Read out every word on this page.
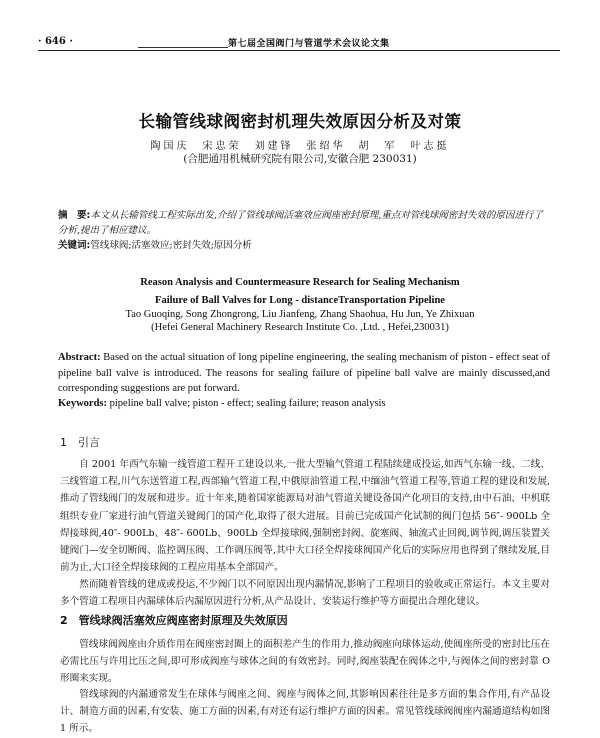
· 646 ·	第七届全国阀门与管道学术会议论文集
长输管线球阀密封机理失效原因分析及对策
陶国庆　宋忠荣　刘建锋　张绍华　胡　军　叶志挺
(合肥通用机械研究院有限公司,安徽合肥 230031)
摘　要:本文从长输管线工程实际出发,介绍了管线球阀活塞效应阀座密封原理,重点对管线球阀密封失效的原因进行了分析,提出了相应建议。
关键词:管线球阀;活塞效应;密封失效;原因分析
Reason Analysis and Countermeasure Research for Sealing Mechanism
Failure of Ball Valves for Long - distanceTransportation Pipeline
Tao Guoqing, Song Zhongrong, Liu Jianfeng, Zhang Shaohua, Hu Jun, Ye Zhixuan
(Hefei General Machinery Research Institute Co. ,Ltd. , Hefei,230031)
Abstract: Based on the actual situation of long pipeline engineering, the sealing mechanism of piston - effect seat of pipeline ball valve is introduced. The reasons for sealing failure of pipeline ball valve are mainly discussed,and corresponding suggestions are put forward.
Keywords: pipeline ball valve; piston - effect; sealing failure; reason analysis
1　引言
自 2001 年西气东输一线管道工程开工建设以来,一批大型输气管道工程陆续建成投运,如西气东输一线、二线、三线管道工程,川气东送管道工程,西部输气管道工程,中俄原油管道工程,中缅油气管道工程等,管道工程的建设和发展,推动了管线阀门的发展和进步。近十年来,随着国家能源局对油气管道关键设备国产化项目的支持,由中石油、中机联组织专业厂家进行油气管道关键阀门的国产化,取得了很大进展。目前已完成国产化试制的阀门包括 56″- 900Lb 全焊接球阀,40″- 900Lb、48″- 600Lb、900Lb 全焊接球阀,强制密封阀、旋塞阀、轴流式止回阀,调节阀,调压装置关键阀门—安全切断阀、监控调压阀、工作调压阀等,其中大口径全焊接球阀国产化后的实际应用也得到了继续发展,目前为止,大口径全焊接球阀的工程应用基本全部国产。
然而随着管线的建成或投运,不少阀门以不同原因出现内漏情况,影响了工程项目的验收或正常运行。本文主要对多个管道工程项目内漏球体后内漏原因进行分析,从产品设计、安装运行维护等方面提出合理化建议。
2　管线球阀活塞效应阀座密封原理及失效原因
管线球阀阀座由介质作用在阀座密封圈上的面积差产生的作用力,推动阀座向球体运动,使阀座所受的密封比压在必需比压与许用比压之间,即可形成阀座与球体之间的有效密封。同时,阀座装配在阀体之中,与阀体之间的密封靠 O 形圈来实现。
管线球阀的内漏通常发生在球体与阀座之间、阀座与阀体之间,其影响因素往往是多方面的集合作用,有产品设计、制造方面的因素,有安装、施工方面的因素,有对还有运行维护方面的因素。常见管线球阀阀座内漏通道结构如图 1 所示。
